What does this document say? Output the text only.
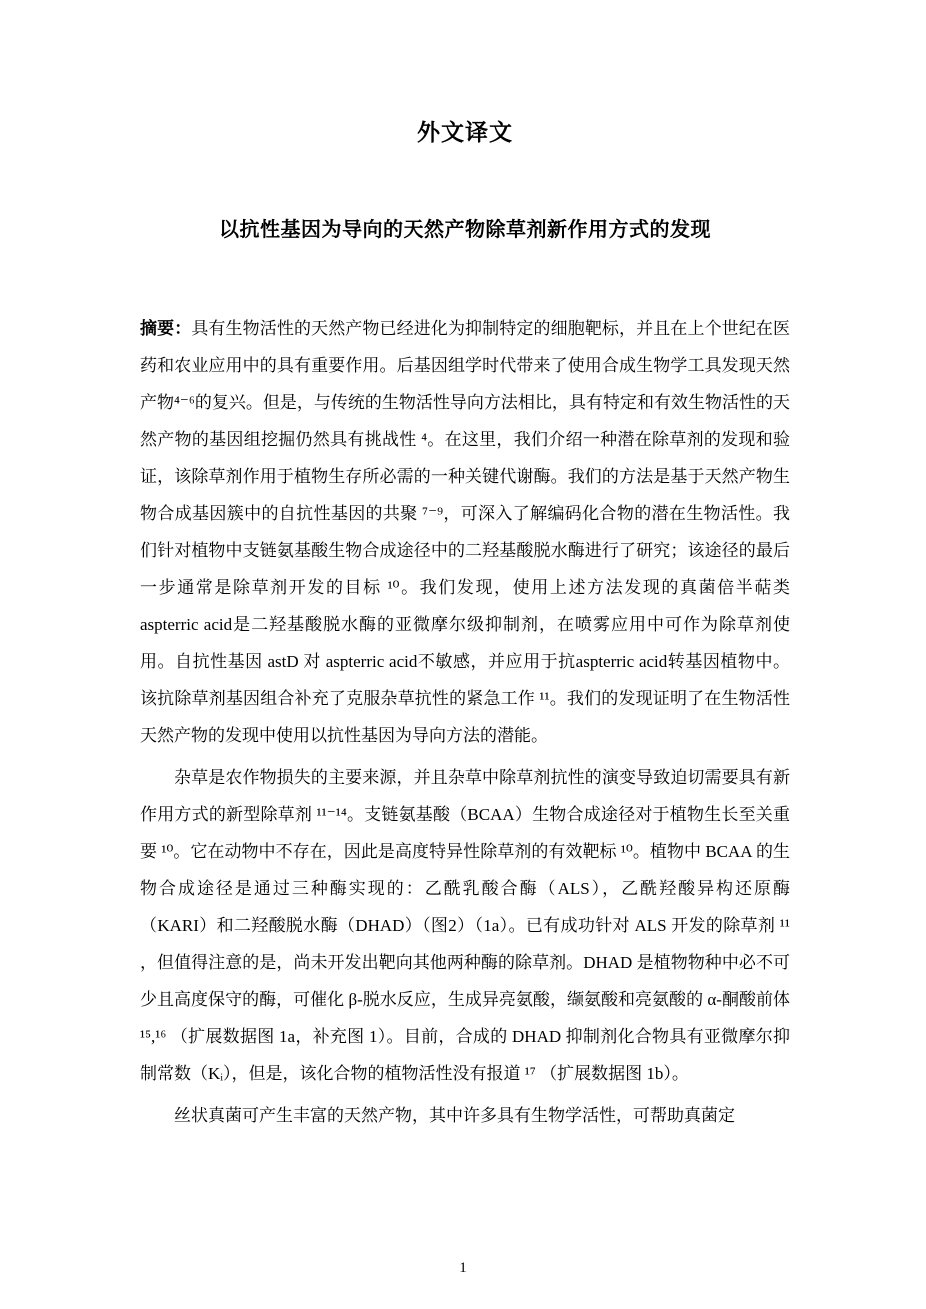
外文译文
以抗性基因为导向的天然产物除草剂新作用方式的发现

摘要：具有生物活性的天然产物已经进化为抑制特定的细胞靶标，并且在上个世纪在医药和农业应用中的具有重要作用。后基因组学时代带来了使用合成生物学工具发现天然产物⁴⁻⁶的复兴。但是，与传统的生物活性导向方法相比，具有特定和有效生物活性的天然产物的基因组挖掘仍然具有挑战性 ⁴。在这里，我们介绍一种潜在除草剂的发现和验证，该除草剂作用于植物生存所必需的一种关键代谢酶。我们的方法是基于天然产物生物合成基因簇中的自抗性基因的共聚 ⁷⁻⁹，可深入了解编码化合物的潜在生物活性。我们针对植物中支链氨基酸生物合成途径中的二羟基酸脱水酶进行了研究；该途径的最后一步通常是除草剂开发的目标 ¹⁰。我们发现，使用上述方法发现的真菌倍半萜类aspterric acid是二羟基酸脱水酶的亚微摩尔级抑制剂，在喷雾应用中可作为除草剂使用。自抗性基因 astD 对 aspterric acid不敏感，并应用于抗aspterric acid转基因植物中。该抗除草剂基因组合补充了克服杂草抗性的紧急工作 ¹¹。我们的发现证明了在生物活性天然产物的发现中使用以抗性基因为导向方法的潜能。

杂草是农作物损失的主要来源，并且杂草中除草剂抗性的演变导致迫切需要具有新作用方式的新型除草剂 ¹¹⁻¹⁴。支链氨基酸（BCAA）生物合成途径对于植物生长至关重要 ¹⁰。它在动物中不存在，因此是高度特异性除草剂的有效靶标 ¹⁰。植物中 BCAA 的生物合成途径是通过三种酶实现的：乙酰乳酸合酶（ALS），乙酰羟酸异构还原酶（KARI）和二羟酸脱水酶（DHAD）（图2）（1a）。已有成功针对 ALS 开发的除草剂 ¹¹ ，但值得注意的是，尚未开发出靶向其他两种酶的除草剂。DHAD 是植物物种中必不可少且高度保守的酶，可催化 β-脱水反应，生成异亮氨酸，缬氨酸和亮氨酸的 α-酮酸前体 ¹⁵,¹⁶ （扩展数据图 1a，补充图 1）。目前，合成的 DHAD 抑制剂化合物具有亚微摩尔抑制常数（Kᵢ），但是，该化合物的植物活性没有报道 ¹⁷ （扩展数据图 1b）。

丝状真菌可产生丰富的天然产物，其中许多具有生物学活性，可帮助真菌定

1
